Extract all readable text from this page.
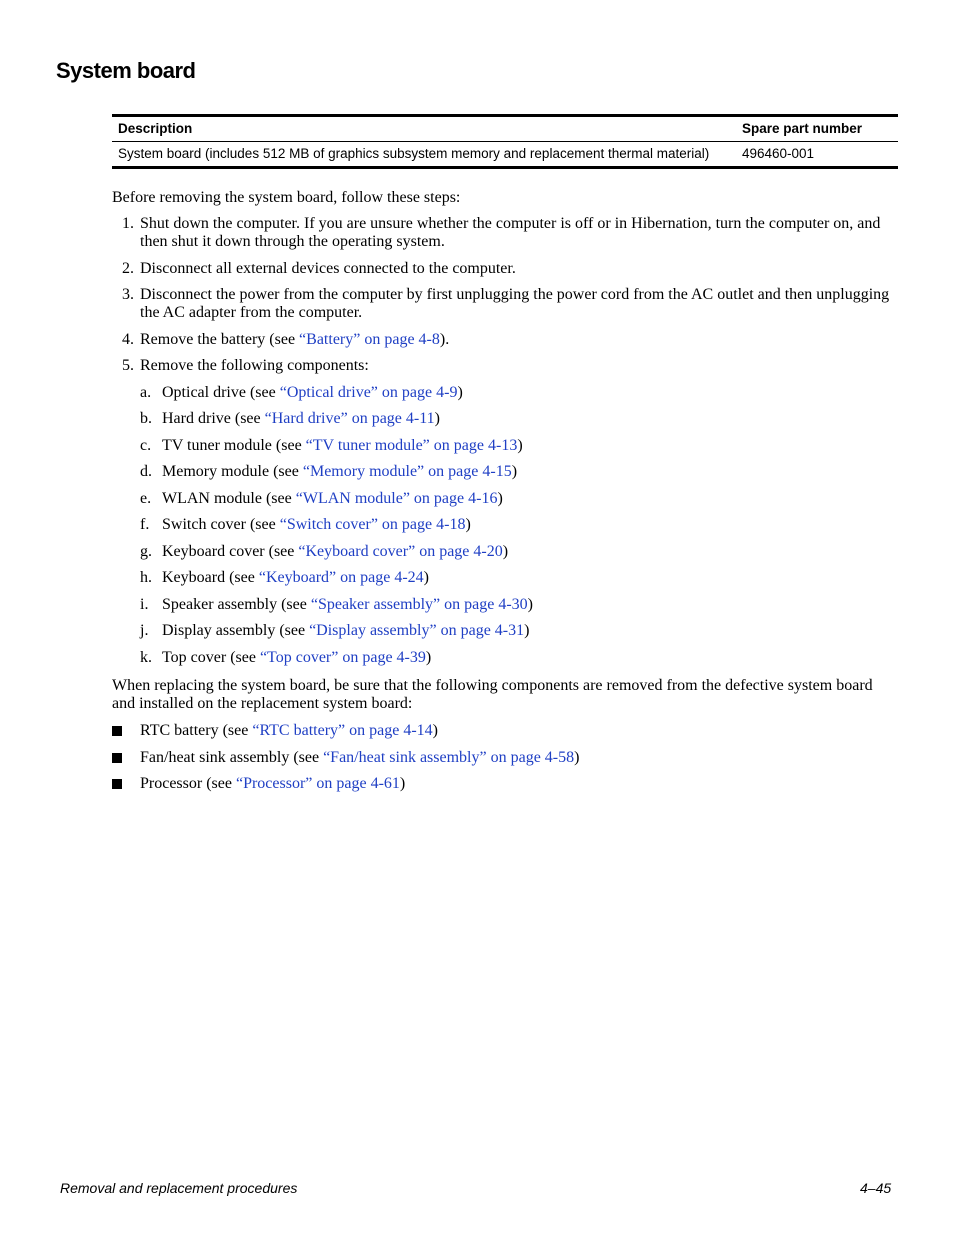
System board
Description	Spare part number
System board (includes 512 MB of graphics subsystem memory and replacement thermal material)	496460-001
Before removing the system board, follow these steps:
1. Shut down the computer. If you are unsure whether the computer is off or in Hibernation, turn the computer on, and then shut it down through the operating system.
2. Disconnect all external devices connected to the computer.
3. Disconnect the power from the computer by first unplugging the power cord from the AC outlet and then unplugging the AC adapter from the computer.
4. Remove the battery (see “Battery” on page 4-8).
5. Remove the following components:
a. Optical drive (see “Optical drive” on page 4-9)
b. Hard drive (see “Hard drive” on page 4-11)
c. TV tuner module (see “TV tuner module” on page 4-13)
d. Memory module (see “Memory module” on page 4-15)
e. WLAN module (see “WLAN module” on page 4-16)
f. Switch cover (see “Switch cover” on page 4-18)
g. Keyboard cover (see “Keyboard cover” on page 4-20)
h. Keyboard (see “Keyboard” on page 4-24)
i. Speaker assembly (see “Speaker assembly” on page 4-30)
j. Display assembly (see “Display assembly” on page 4-31)
k. Top cover (see “Top cover” on page 4-39)
When replacing the system board, be sure that the following components are removed from the defective system board and installed on the replacement system board:
RTC battery (see “RTC battery” on page 4-14)
Fan/heat sink assembly (see “Fan/heat sink assembly” on page 4-58)
Processor (see “Processor” on page 4-61)
Removal and replacement procedures	4–45
